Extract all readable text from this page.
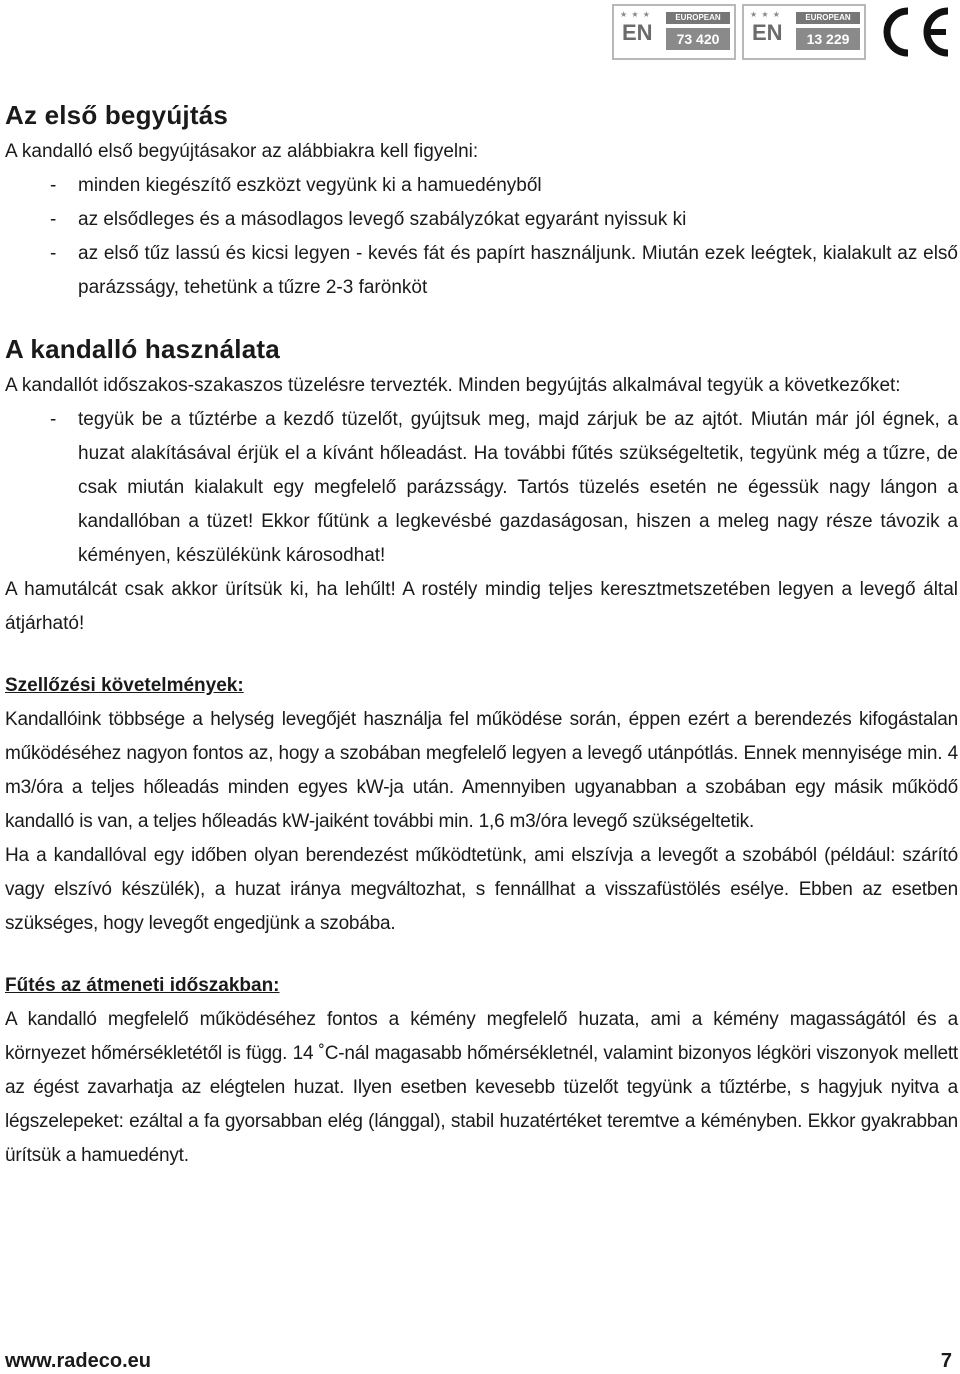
★ ★ ★
EN
EUROPEAN
73 420
★ ★ ★
EN
EUROPEAN
13 229
Az első begyújtás

A kandalló első begyújtásakor az alábbiakra kell figyelni:

- minden kiegészítő eszközt vegyünk ki a hamuedényből
- az elsődleges és a másodlagos levegő szabályzókat egyaránt nyissuk ki
- az első tűz lassú és kicsi legyen - kevés fát és papírt használjunk. Miután ezek leégtek, kialakult az első parázsságy, tehetünk a tűzre 2-3 farönköt
A kandalló használata

A kandallót időszakos-szakaszos tüzelésre tervezték. Minden begyújtás alkalmával tegyük a következőket:

- tegyük be a tűztérbe a kezdő tüzelőt, gyújtsuk meg, majd zárjuk be az ajtót. Miután már jól égnek, a huzat alakításával érjük el a kívánt hőleadást. Ha további fűtés szükségeltetik, tegyünk még a tűzre, de csak miután kialakult egy megfelelő parázsságy. Tartós tüzelés esetén ne égessük nagy lángon a kandallóban a tüzet! Ekkor fűtünk a legkevésbé gazdaságosan, hiszen a meleg nagy része távozik a kéményen, készülékünk károsodhat!

A hamutálcát csak akkor ürítsük ki, ha lehűlt! A rostély mindig teljes keresztmetszetében legyen a levegő által átjárható!

Szellőzési követelmények:

Kandallóink többsége a helység levegőjét használja fel működése során, éppen ezért a berendezés kifogástalan működéséhez nagyon fontos az, hogy a szobában megfelelő legyen a levegő utánpótlás. Ennek mennyisége min. 4 m3/óra a teljes hőleadás minden egyes kW-ja után. Amennyiben ugyanabban a szobában egy másik működő kandalló is van, a teljes hőleadás kW-jaiként további min. 1,6 m3/óra levegő szükségeltetik.

Ha a kandallóval egy időben olyan berendezést működtetünk, ami elszívja a levegőt a szobából (például: szárító vagy elszívó készülék), a huzat iránya megváltozhat, s fennállhat a visszafüstölés esélye. Ebben az esetben szükséges, hogy levegőt engedjünk a szobába.

Fűtés az átmeneti időszakban:

A kandalló megfelelő működéséhez fontos a kémény megfelelő huzata, ami a kémény magasságától és a környezet hőmérsékletétől is függ. 14 ˚C-nál magasabb hőmérsékletnél, valamint bizonyos légköri viszonyok mellett az égést zavarhatja az elégtelen huzat. Ilyen esetben kevesebb tüzelőt tegyünk a tűztérbe, s hagyjuk nyitva a légszelepeket: ezáltal a fa gyorsabban elég (lánggal), stabil huzatértéket teremtve a kéményben. Ekkor gyakrabban ürítsük a hamuedényt.

www.radeco.eu	7
